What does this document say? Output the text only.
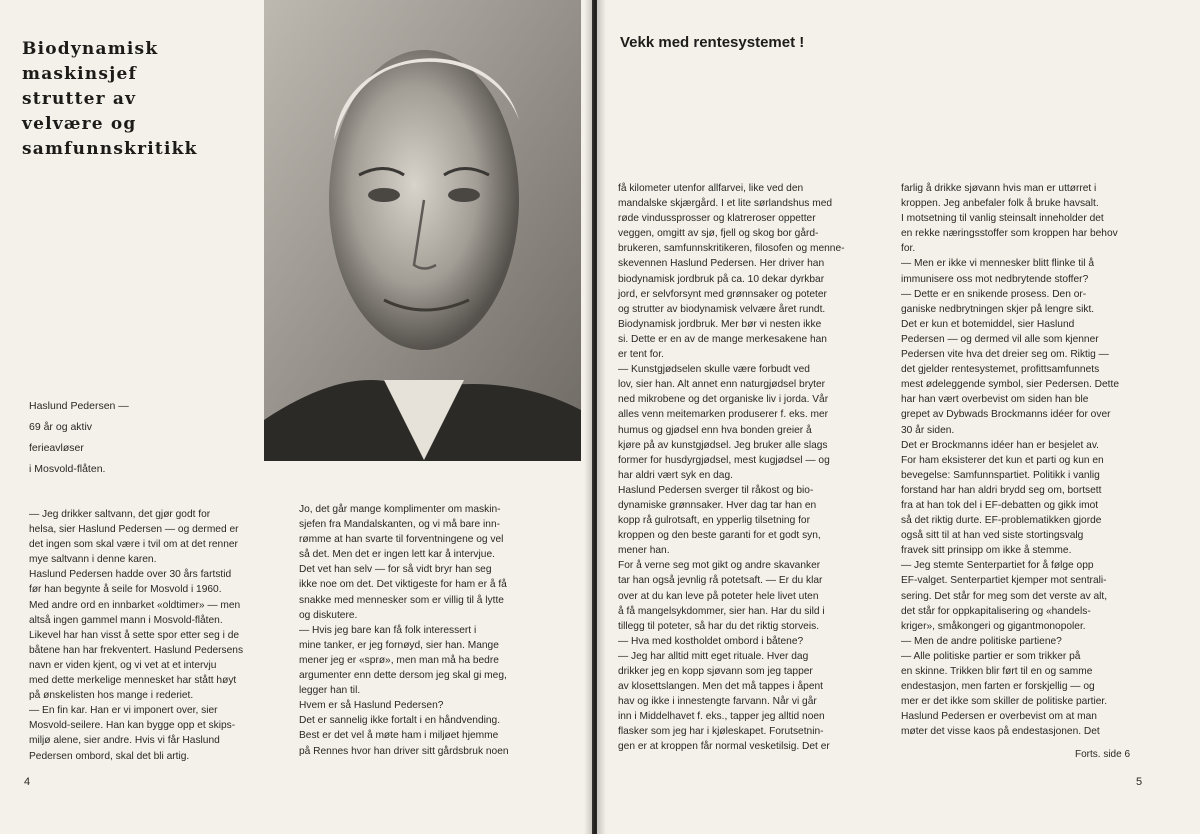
Biodynamisk
maskinsjef
strutter av
velvære og
samfunnskritikk
Haslund Pedersen —
69 år og aktiv
ferieavløser
i Mosvold-flåten.
— Jeg drikker saltvann, det gjør godt for
helsa, sier Haslund Pedersen — og dermed er
det ingen som skal være i tvil om at det renner
mye saltvann i denne karen.
Haslund Pedersen hadde over 30 års fartstid
før han begynte å seile for Mosvold i 1960.
Med andre ord en innbarket «oldtimer» — men
altså ingen gammel mann i Mosvold-flåten.
Likevel har han visst å sette spor etter seg i de
båtene han har frekventert. Haslund Pedersens
navn er viden kjent, og vi vet at et intervju
med dette merkelige mennesket har stått høyt
på ønskelisten hos mange i rederiet.
— En fin kar. Han er vi imponert over, sier
Mosvold-seilere. Han kan bygge opp et skips-
miljø alene, sier andre. Hvis vi får Haslund
Pedersen ombord, skal det bli artig.
Jo, det går mange komplimenter om maskin-
sjefen fra Mandalskanten, og vi må bare inn-
rømme at han svarte til forventningene og vel
så det. Men det er ingen lett kar å intervjue.
Det vet han selv — for så vidt bryr han seg
ikke noe om det. Det viktigeste for ham er å få
snakke med mennesker som er villig til å lytte
og diskutere.
— Hvis jeg bare kan få folk interessert i
mine tanker, er jeg fornøyd, sier han. Mange
mener jeg er «sprø», men man må ha bedre
argumenter enn dette dersom jeg skal gi meg,
legger han til.
Hvem er så Haslund Pedersen?
Det er sannelig ikke fortalt i en håndvending.
Best er det vel å møte ham i miljøet hjemme
på Rennes hvor han driver sitt gårdsbruk noen
4
Vekk med rentesystemet !
få kilometer utenfor allfarvei, like ved den
mandalske skjærgård. I et lite sørlandshus med
røde vindussprosser og klatreroser oppetter
veggen, omgitt av sjø, fjell og skog bor gård-
brukeren, samfunnskritikeren, filosofen og menne-
skevennen Haslund Pedersen. Her driver han
biodynamisk jordbruk på ca. 10 dekar dyrkbar
jord, er selvforsynt med grønnsaker og poteter
og strutter av biodynamisk velvære året rundt.
Biodynamisk jordbruk. Mer bør vi nesten ikke
si. Dette er en av de mange merkesakene han
er tent for.
— Kunstgjødselen skulle være forbudt ved
lov, sier han. Alt annet enn naturgjødsel bryter
ned mikrobene og det organiske liv i jorda. Vår
alles venn meitemarken produserer f. eks. mer
humus og gjødsel enn hva bonden greier å
kjøre på av kunstgjødsel. Jeg bruker alle slags
former for husdyrgjødsel, mest kugjødsel — og
har aldri vært syk en dag.
Haslund Pedersen sverger til råkost og bio-
dynamiske grønnsaker. Hver dag tar han en
kopp rå gulrotsaft, en ypperlig tilsetning for
kroppen og den beste garanti for et godt syn,
mener han.
For å verne seg mot gikt og andre skavanker
tar han også jevnlig rå potetsaft. — Er du klar
over at du kan leve på poteter hele livet uten
å få mangelsykdommer, sier han. Har du sild i
tillegg til poteter, så har du det riktig storveis.
— Hva med kostholdet ombord i båtene?
— Jeg har alltid mitt eget rituale. Hver dag
drikker jeg en kopp sjøvann som jeg tapper
av klosettslangen. Men det må tappes i åpent
hav og ikke i innestengte farvann. Når vi går
inn i Middelhavet f. eks., tapper jeg alltid noen
flasker som jeg har i kjøleskapet. Forutsetnin-
gen er at kroppen får normal vesketilsig. Det er
farlig å drikke sjøvann hvis man er uttørret i
kroppen. Jeg anbefaler folk å bruke havsalt.
I motsetning til vanlig steinsalt inneholder det
en rekke næringsstoffer som kroppen har behov
for.
— Men er ikke vi mennesker blitt flinke til å
immunisere oss mot nedbrytende stoffer?
— Dette er en snikende prosess. Den or-
ganiske nedbrytningen skjer på lengre sikt.
Det er kun et botemiddel, sier Haslund
Pedersen — og dermed vil alle som kjenner
Pedersen vite hva det dreier seg om. Riktig —
det gjelder rentesystemet, profittsamfunnets
mest ødeleggende symbol, sier Pedersen. Dette
har han vært overbevist om siden han ble
grepet av Dybwads Brockmanns idéer for over
30 år siden.
Det er Brockmanns idéer han er besjelet av.
For ham eksisterer det kun et parti og kun en
bevegelse: Samfunnspartiet. Politikk i vanlig
forstand har han aldri brydd seg om, bortsett
fra at han tok del i EF-debatten og gikk imot
så det riktig durte. EF-problematikken gjorde
også sitt til at han ved siste stortingsvalg
fravek sitt prinsipp om ikke å stemme.
— Jeg stemte Senterpartiet for å følge opp
EF-valget. Senterpartiet kjemper mot sentrali-
sering. Det står for meg som det verste av alt,
det står for oppkapitalisering og «handels-
kriger», småkongeri og gigantmonopoler.
— Men de andre politiske partiene?
— Alle politiske partier er som trikker på
en skinne. Trikken blir ført til en og samme
endestasjon, men farten er forskjellig — og
mer er det ikke som skiller de politiske partier.
Haslund Pedersen er overbevist om at man
møter det visse kaos på endestasjonen. Det
Forts. side 6
5
